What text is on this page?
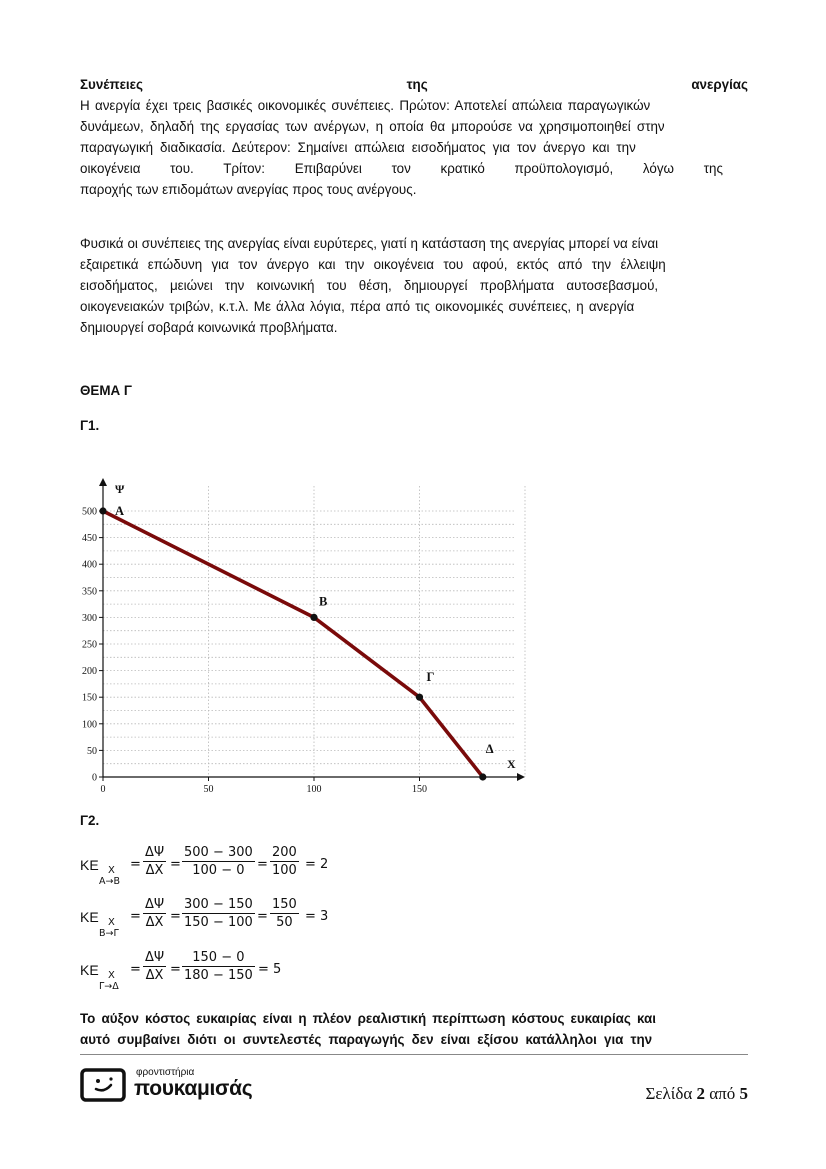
Συνέπειες	της	ανεργίας
Η ανεργία έχει τρεις βασικές οικονομικές συνέπειες. Πρώτον: Αποτελεί απώλεια παραγωγικών
δυνάμεων, δηλαδή της εργασίας των ανέργων, η οποία θα μπορούσε να χρησιμοποιηθεί στην
παραγωγική διαδικασία. Δεύτερον: Σημαίνει απώλεια εισοδήματος για τον άνεργο και την
οικογένεια του. Τρίτον: Επιβαρύνει τον κρατικό προϋπολογισμό, λόγω της
παροχής των επιδομάτων ανεργίας προς τους ανέργους.
Φυσικά οι συνέπειες της ανεργίας είναι ευρύτερες, γιατί η κατάσταση της ανεργίας μπορεί να είναι
εξαιρετικά επώδυνη για τον άνεργο και την οικογένεια του αφού, εκτός από την έλλειψη
εισοδήματος, μειώνει την κοινωνική του θέση, δημιουργεί προβλήματα αυτοσεβασμού,
οικογενειακών τριβών, κ.τ.λ. Με άλλα λόγια, πέρα από τις οικονομικές συνέπειες, η ανεργία
δημιουργεί σοβαρά κοινωνικά προβλήματα.
ΘΕΜΑ Γ
Γ1.
0
50
100
150
200
250
300
350
400
450
500
0	50	100	150
Ψ
X
Α
Β
Γ
Δ
Γ2.
ΚΕ X
Α→Β
= $\frac{\Delta\Psi}{\Delta X} = \frac{500 - 300}{100 - 0} = \frac{200}{100} = 2$
ΚΕ X
Β→Γ
= $\frac{\Delta\Psi}{\Delta X} = \frac{300 - 150}{150 - 100} = \frac{150}{50} = 3$
ΚΕ X
Γ→Δ
= $\frac{\Delta\Psi}{\Delta X} = \frac{150 - 0}{180 - 150} = 5$
Το αύξον κόστος ευκαιρίας είναι η πλέον ρεαλιστική περίπτωση κόστους ευκαιρίας και
αυτό συμβαίνει διότι οι συντελεστές παραγωγής δεν είναι εξίσου κατάλληλοι για την
φροντιστήρια
πουκαμισάς	Σελίδα 2 από 5
